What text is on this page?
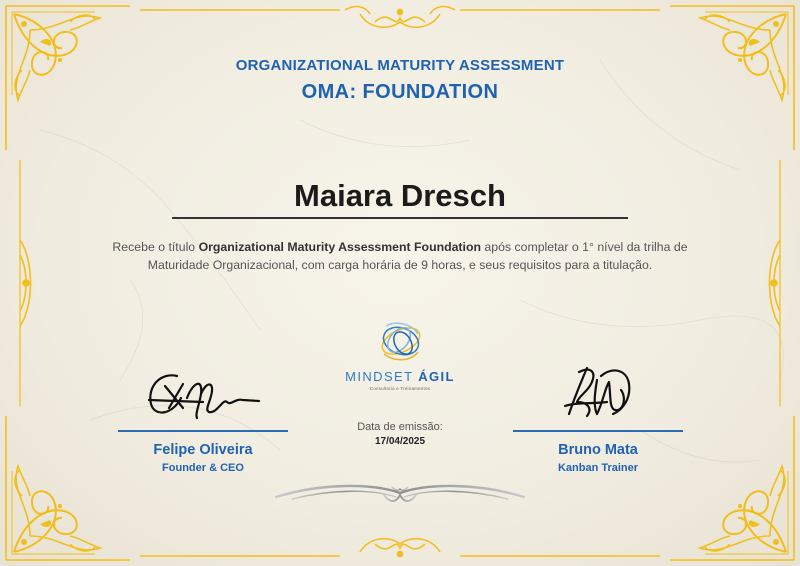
ORGANIZATIONAL MATURITY ASSESSMENT
OMA: FOUNDATION
Maiara Dresch
Recebe o título Organizational Maturity Assessment Foundation após completar o 1° nível da trilha de Maturidade Organizacional, com carga horária de 9 horas, e seus requisitos para a titulação.
MINDSET ÁGIL
Consultoria e Treinamentos
Data de emissão:
17/04/2025
Felipe Oliveira
Founder & CEO
Bruno Mata
Kanban Trainer
